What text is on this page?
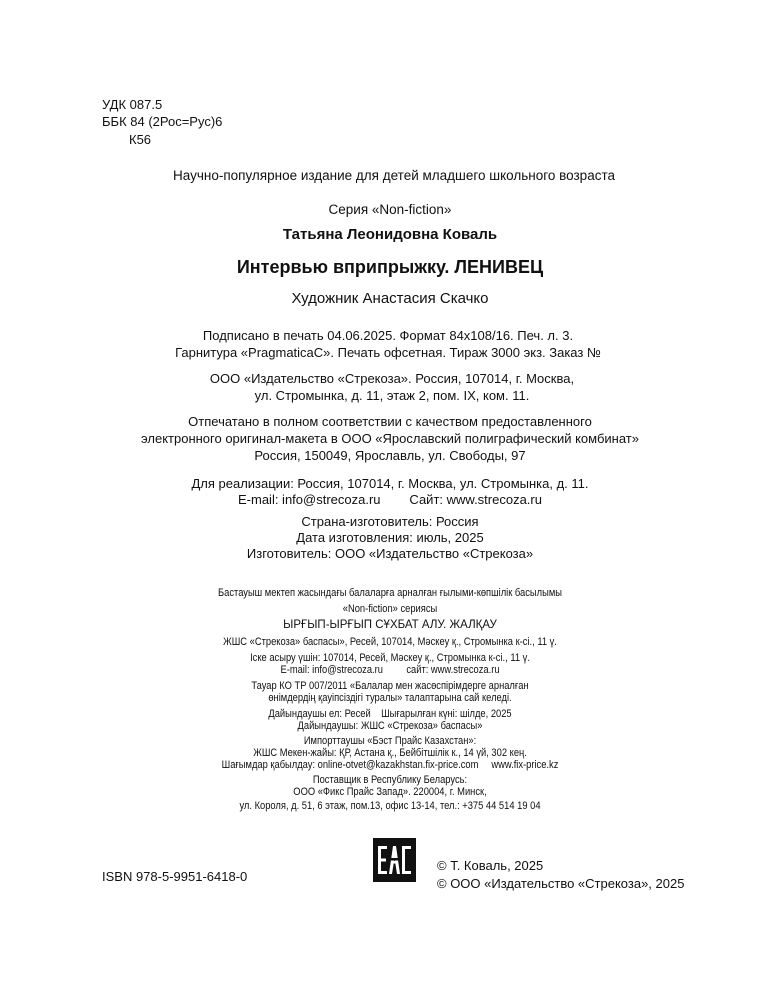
УДК 087.5
ББК 84 (2Рос=Рус)6
К56
Научно-популярное издание для детей младшего школьного возраста
Серия «Non-fiction»
Татьяна Леонидовна Коваль
Интервью вприпрыжку. ЛЕНИВЕЦ
Художник Анастасия Скачко
Подписано в печать 04.06.2025. Формат 84x108/16. Печ. л. 3.
Гарнитура «PragmaticaC». Печать офсетная. Тираж 3000 экз. Заказ №
ООО «Издательство «Стрекоза». Россия, 107014, г. Москва,
ул. Стромынка, д. 11, этаж 2, пом. IX, ком. 11.
Отпечатано в полном соответствии с качеством предоставленного
электронного оригинал-макета в ООО «Ярославский полиграфический комбинат»
Россия, 150049, Ярославль, ул. Свободы, 97
Для реализации: Россия, 107014, г. Москва, ул. Стромынка, д. 11.
E-mail: info@strecoza.ru        Сайт: www.strecoza.ru
Страна-изготовитель: Россия
Дата изготовления: июль, 2025
Изготовитель: ООО «Издательство «Стрекоза»
Бастауыш мектеп жасындағы балаларға арналған ғылыми-көпшілік басылымы
«Non-fiction» сериясы
ЫРҒЫП-ЫРҒЫП СҰХБАТ АЛУ. ЖАЛҚАУ
ЖШС «Стрекоза» баспасы», Ресей, 107014, Мәскеу қ., Стромынка к-сі., 11 ү.
Іске асыру үшін: 107014, Ресей, Мәскеу қ., Стромынка к-сі., 11 ү.
E-mail: info@strecoza.ru         сайт: www.strecoza.ru
Тауар КО ТР 007/2011 «Балалар мен жасөспірімдерге арналған
өнімдердің қауіпсіздігі туралы» талаптарына сай келеді.
Дайындаушы ел: Ресей    Шығарылған күні: шілде, 2025
Дайындаушы: ЖШС «Стрекоза» баспасы»
Импорттаушы «Бэст Прайс Казахстан»:
ЖШС Мекен-жайы: ҚР, Астана қ., Бейбітшілік к., 14 үй, 302 кең.
Шағымдар қабылдау: online-otvet@kazakhstan.fix-price.com     www.fix-price.kz
Поставщик в Республику Беларусь:
ООО «Фикс Прайс Запад». 220004, г. Минск,
ул. Короля, д. 51, 6 этаж, пом.13, офис 13-14, тел.: +375 44 514 19 04
ISBN 978-5-9951-6418-0
© Т. Коваль, 2025
© ООО «Издательство «Стрекоза», 2025
